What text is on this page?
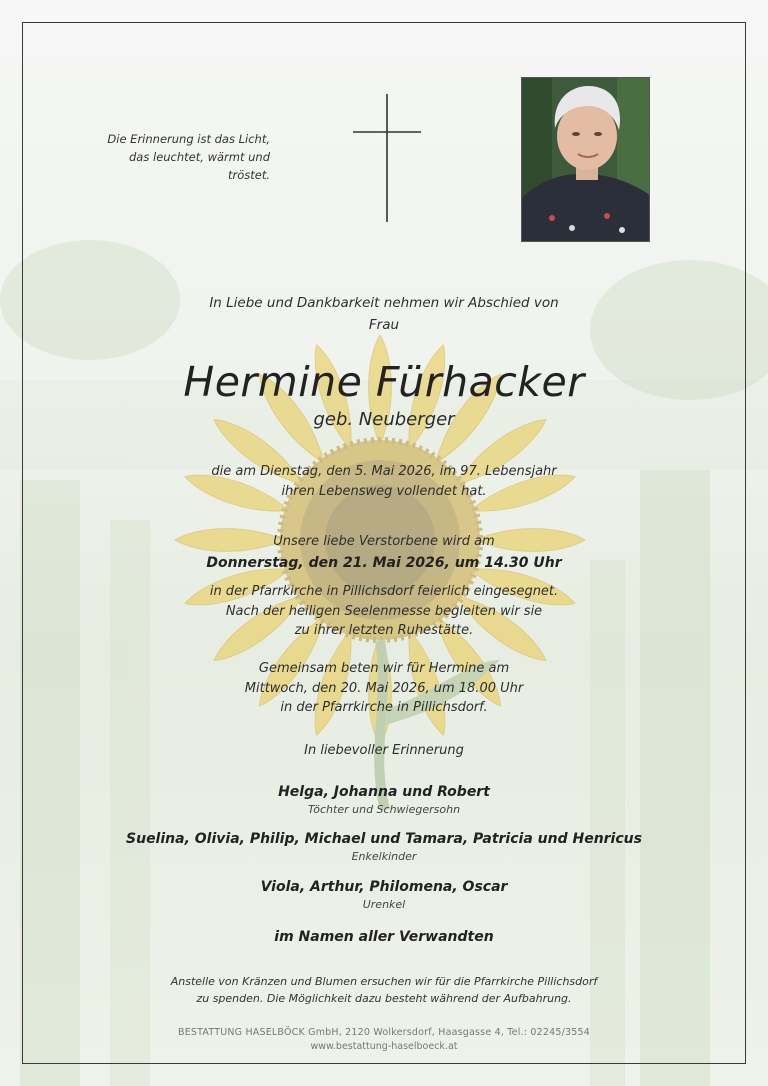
Die Erinnerung ist das Licht,
das leuchtet, wärmt und tröstet.
In Liebe und Dankbarkeit nehmen wir Abschied von
Frau
Hermine Fürhacker
geb. Neuberger
die am Dienstag, den 5. Mai 2026, im 97. Lebensjahr
ihren Lebensweg vollendet hat.
Unsere liebe Verstorbene wird am
Donnerstag, den 21. Mai 2026, um 14.30 Uhr
in der Pfarrkirche in Pillichsdorf feierlich eingesegnet.
Nach der heiligen Seelenmesse begleiten wir sie
zu ihrer letzten Ruhestätte.
Gemeinsam beten wir für Hermine am
Mittwoch, den 20. Mai 2026, um 18.00 Uhr
in der Pfarrkirche in Pillichsdorf.
In liebevoller Erinnerung
Helga, Johanna und Robert
Töchter und Schwiegersohn
Suelina, Olivia, Philip, Michael und Tamara, Patricia und Henricus
Enkelkinder
Viola, Arthur, Philomena, Oscar
Urenkel
im Namen aller Verwandten
Anstelle von Kränzen und Blumen ersuchen wir für die Pfarrkirche Pillichsdorf
zu spenden. Die Möglichkeit dazu besteht während der Aufbahrung.
BESTATTUNG HASELBÖCK GmbH, 2120 Wolkersdorf, Haasgasse 4, Tel.: 02245/3554
www.bestattung-haselboeck.at
